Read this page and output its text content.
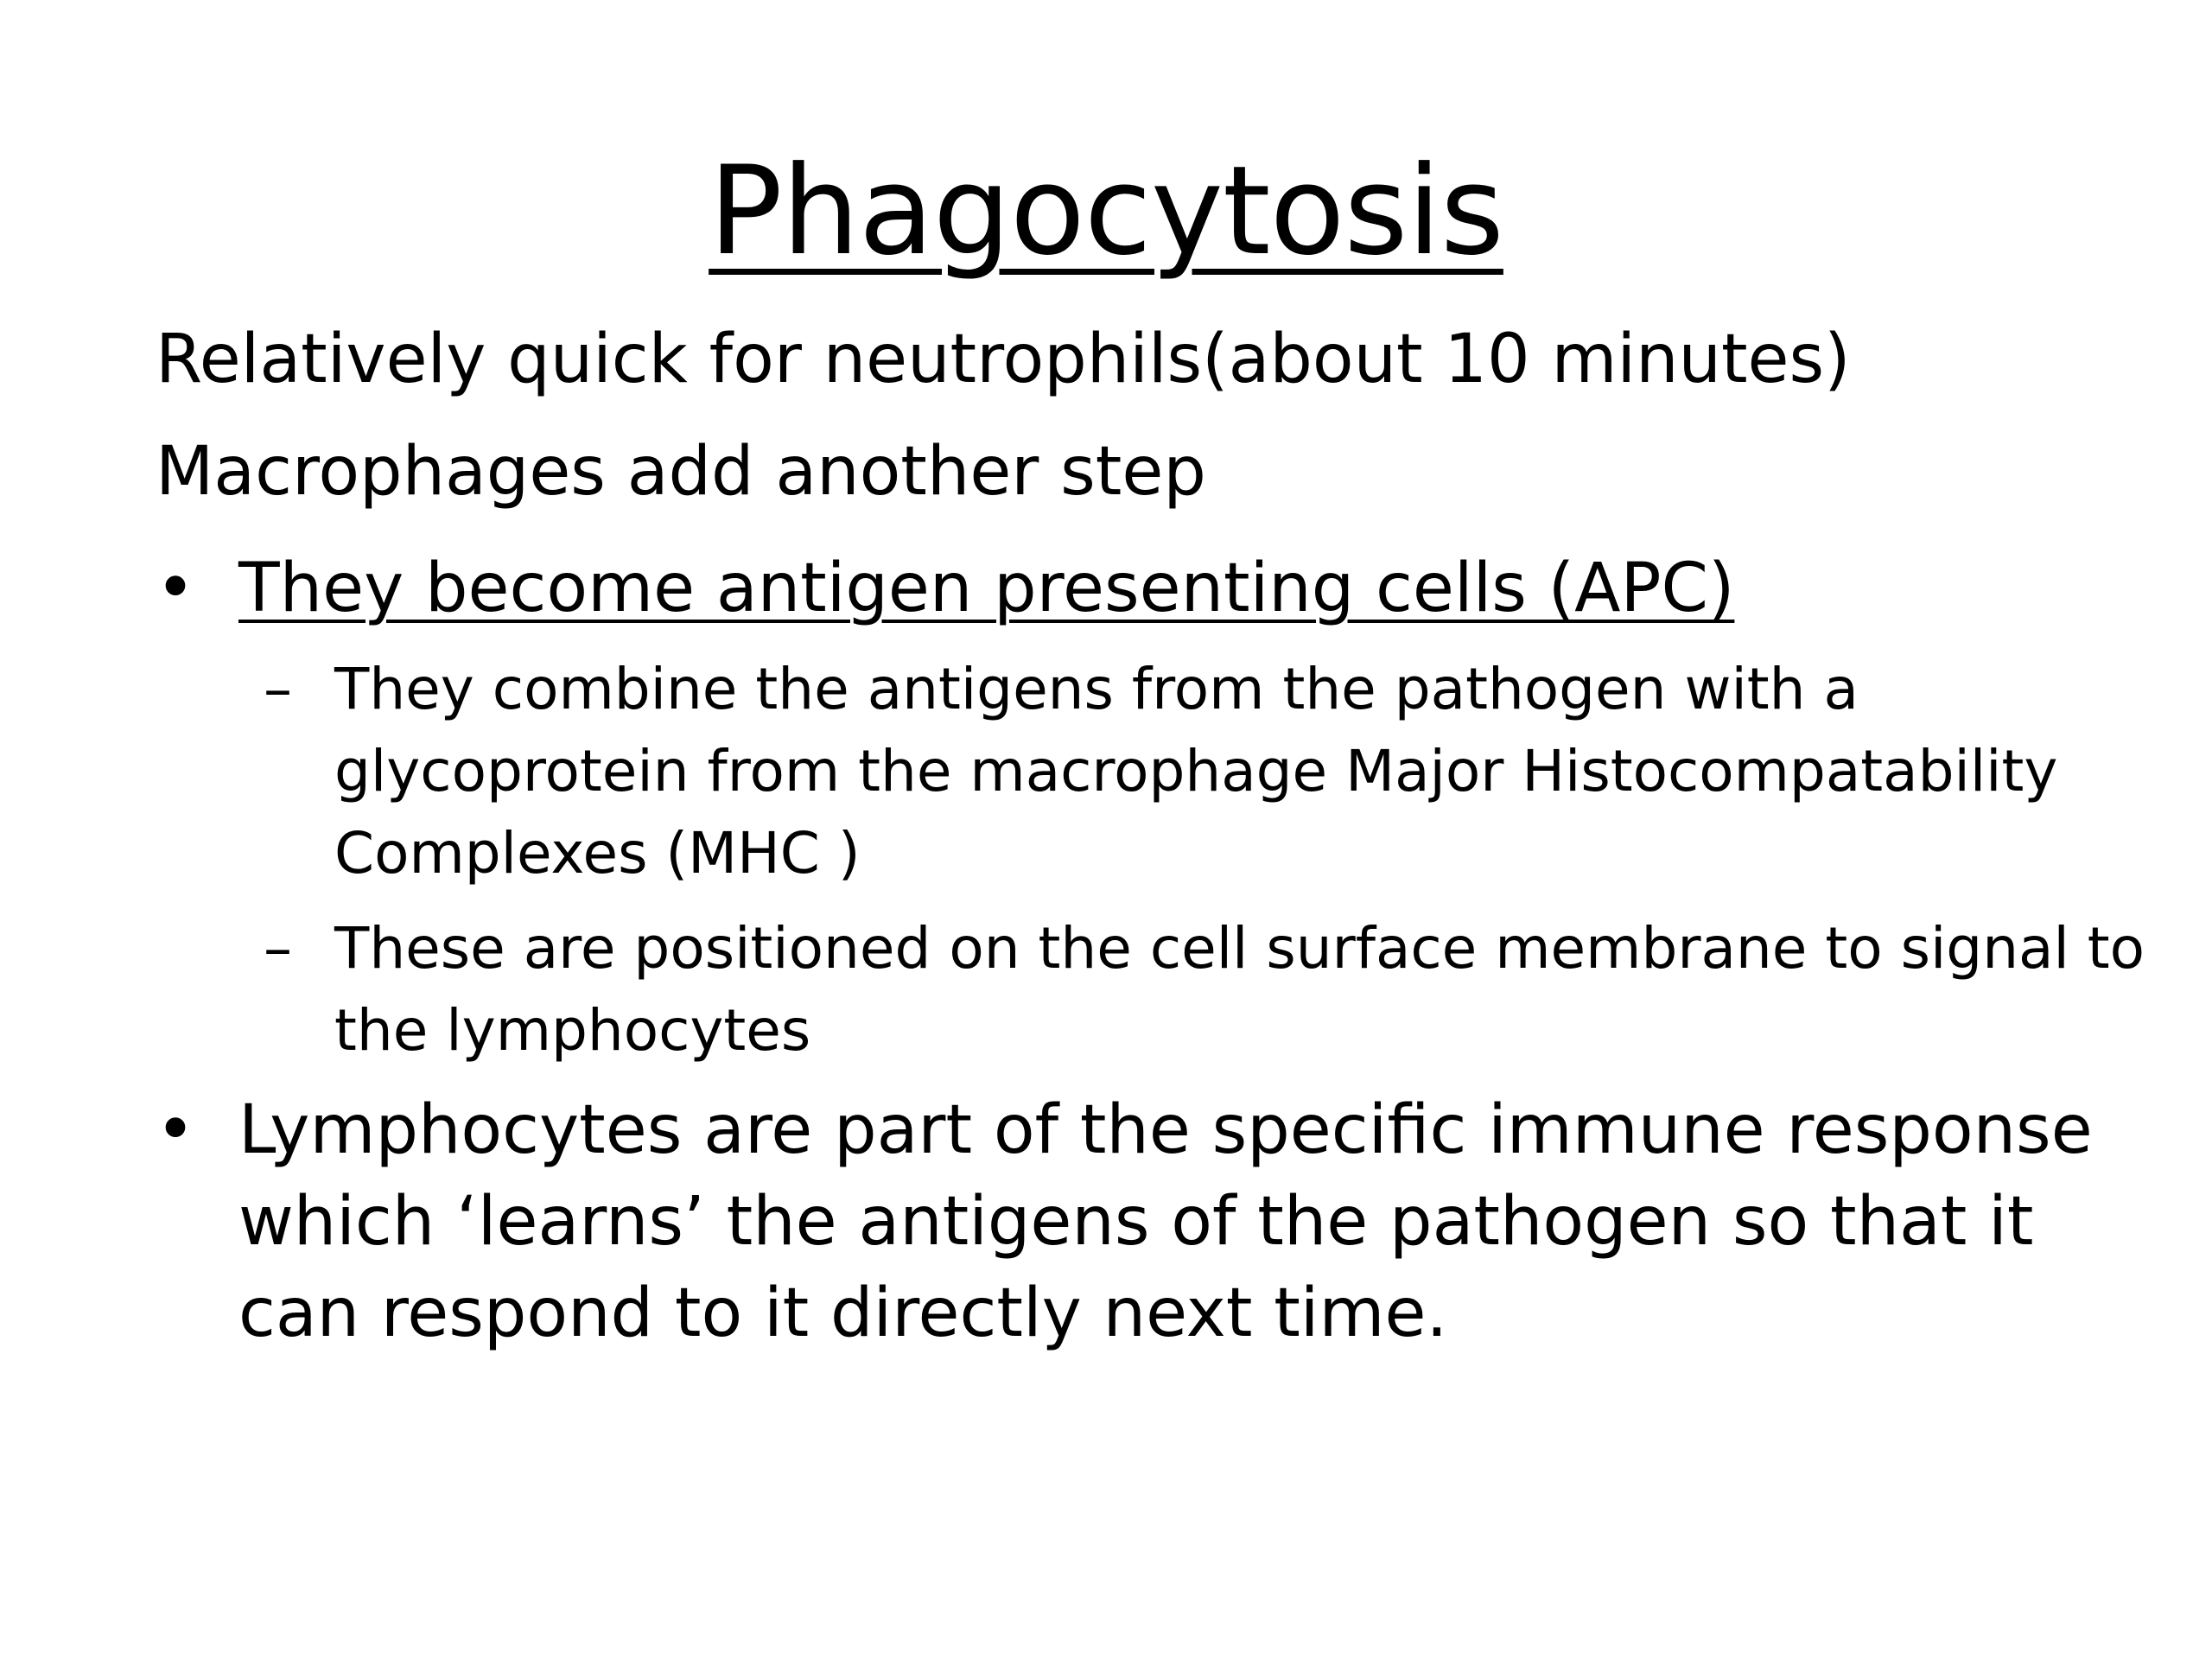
Phagocytosis
Relatively quick for neutrophils(about 10 minutes)
Macrophages add another step
• They become antigen presenting cells (APC)
– They combine the antigens from the pathogen with a glycoprotein from the macrophage Major Histocompatability Complexes (MHC )
– These are positioned on the cell surface membrane to signal to the lymphocytes
• Lymphocytes are part of the specific immune response which ‘learns’ the antigens of the pathogen so that it can respond to it directly next time.
